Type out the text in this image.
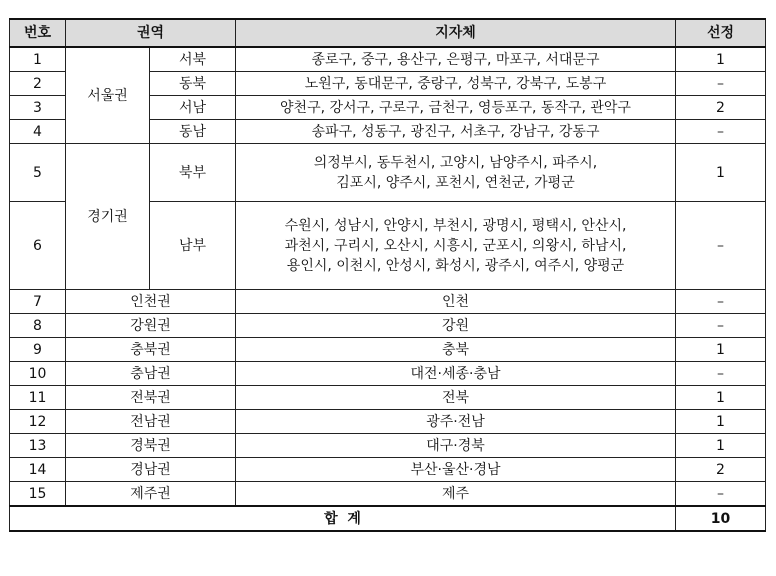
번호	권역		지자체	선정
1	서울권	서북	종로구, 중구, 용산구, 은평구, 마포구, 서대문구	1
2		동북	노원구, 동대문구, 중랑구, 성북구, 강북구, 도봉구	–
3		서남	양천구, 강서구, 구로구, 금천구, 영등포구, 동작구, 관악구	2
4		동남	송파구, 성동구, 광진구, 서초구, 강남구, 강동구	–
5	경기권	북부	의정부시, 동두천시, 고양시, 남양주시, 파주시,
김포시, 양주시, 포천시, 연천군, 가평군	1
6		남부	수원시, 성남시, 안양시, 부천시, 광명시, 평택시, 안산시,
과천시, 구리시, 오산시, 시흥시, 군포시, 의왕시, 하남시,
용인시, 이천시, 안성시, 화성시, 광주시, 여주시, 양평군	–
7	인천권		인천	–
8	강원권		강원	–
9	충북권		충북	1
10	충남권		대전·세종·충남	–
11	전북권		전북	1
12	전남권		광주·전남	1
13	경북권		대구·경북	1
14	경남권		부산·울산·경남	2
15	제주권		제주	–
합  계				10
